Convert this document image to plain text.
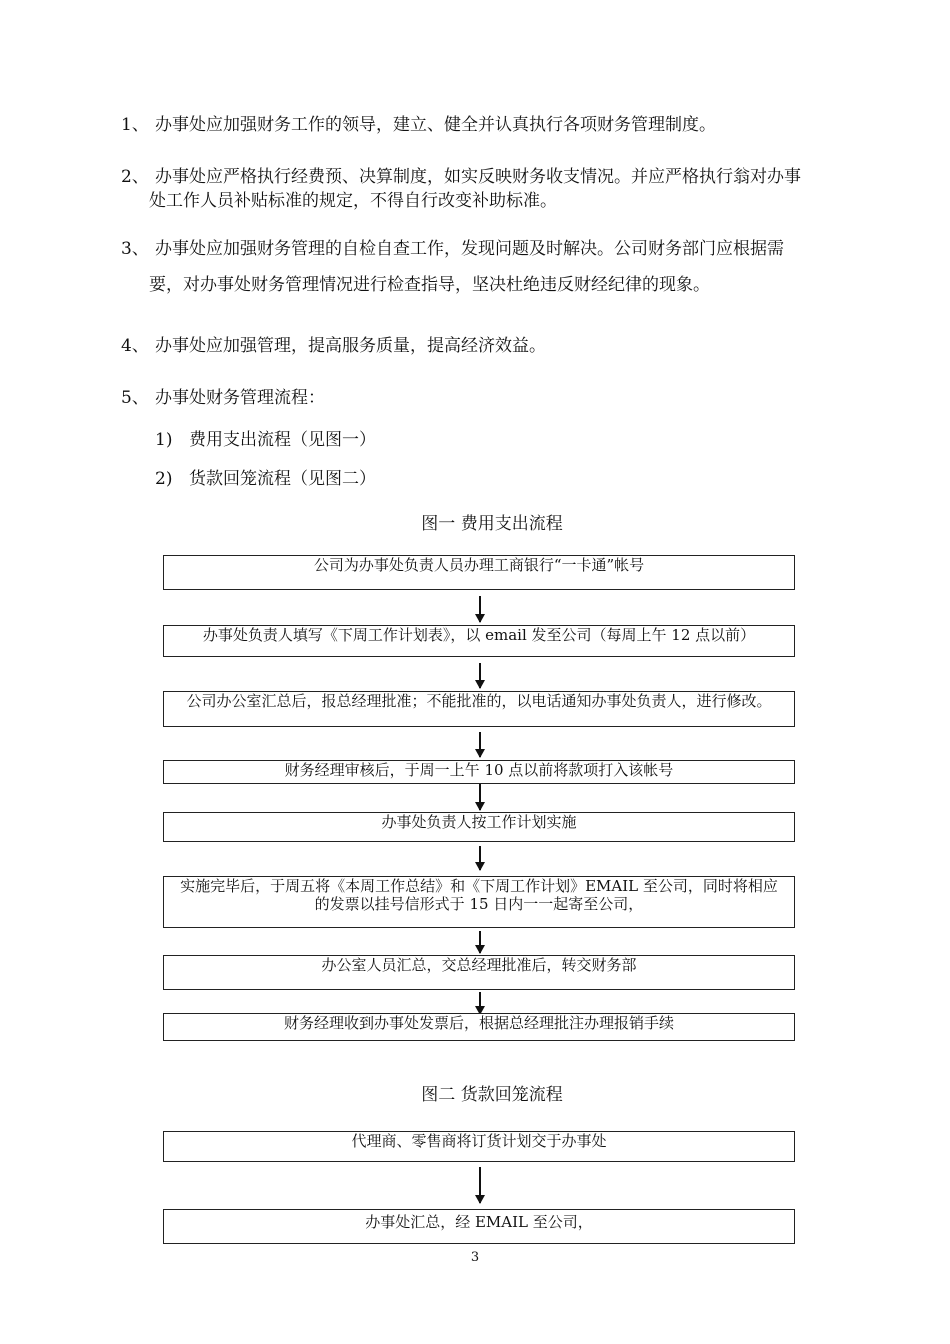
1、 办事处应加强财务工作的领导，建立、健全并认真执行各项财务管理制度。
2、 办事处应严格执行经费预、决算制度，如实反映财务收支情况。并应严格执行翁对办事
处工作人员补贴标准的规定，不得自行改变补助标准。
3、 办事处应加强财务管理的自检自查工作，发现问题及时解决。公司财务部门应根据需
要，对办事处财务管理情况进行检查指导，坚决杜绝违反财经纪律的现象。
4、 办事处应加强管理，提高服务质量，提高经济效益。
5、 办事处财务管理流程：
1) 费用支出流程（见图一）
2) 货款回笼流程（见图二）
图一 费用支出流程
公司为办事处负责人员办理工商银行“一卡通”帐号
办事处负责人填写《下周工作计划表》，以 email 发至公司（每周上午 12 点以前）
公司办公室汇总后，报总经理批准；不能批准的，以电话通知办事处负责人，进行修改。
财务经理审核后，于周一上午 10 点以前将款项打入该帐号
办事处负责人按工作计划实施
实施完毕后，于周五将《本周工作总结》和《下周工作计划》EMAIL 至公司，同时将相应
的发票以挂号信形式于 15 日内一一起寄至公司，
办公室人员汇总，交总经理批准后，转交财务部
财务经理收到办事处发票后，根据总经理批注办理报销手续
图二 货款回笼流程
代理商、零售商将订货计划交于办事处
办事处汇总，经 EMAIL 至公司，
3
